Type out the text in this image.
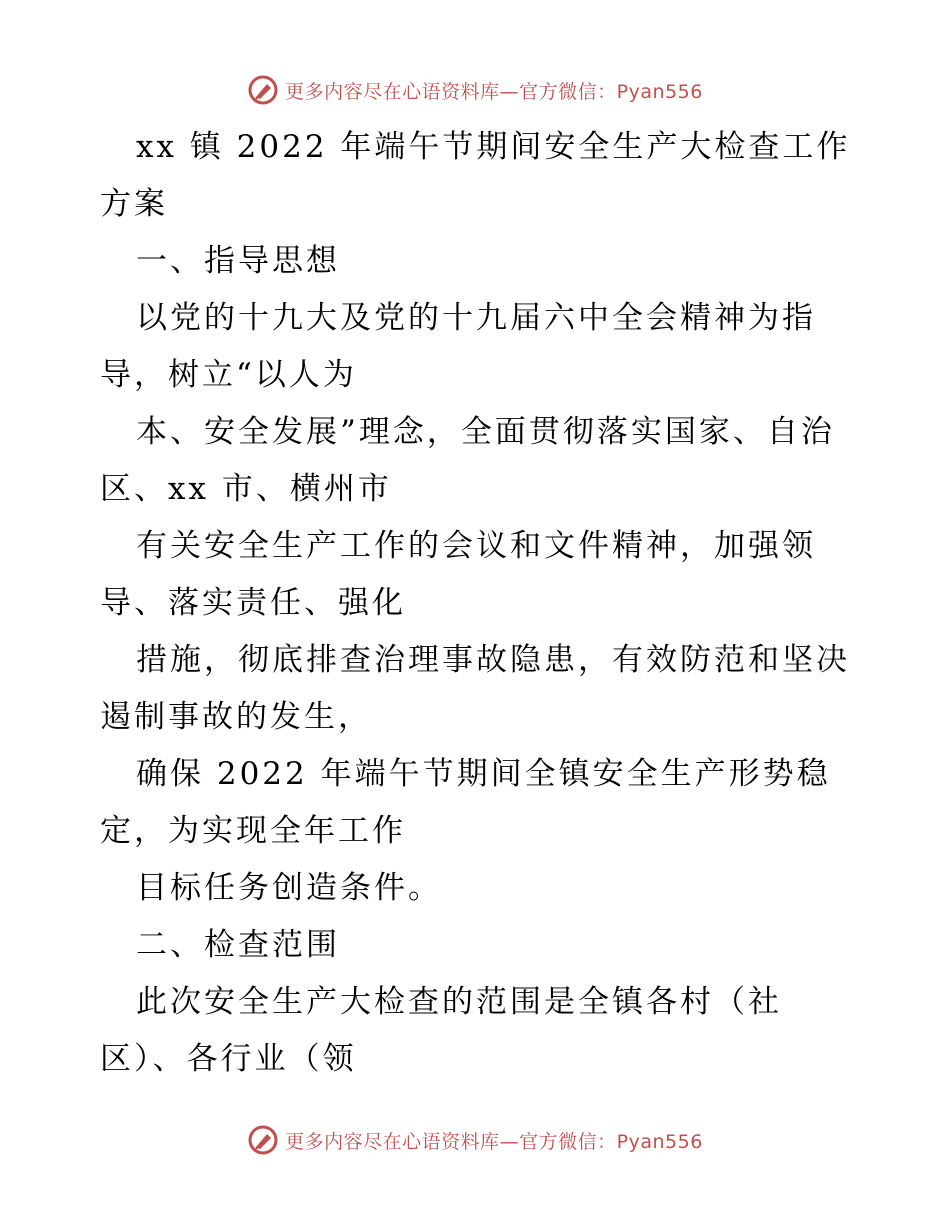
更多内容尽在心语资料库—官方微信：Pyan556
xx 镇 2022 年端午节期间安全生产大检查工作
方案
一、指导思想
以党的十九大及党的十九届六中全会精神为指
导，树立“以人为
本、安全发展”理念，全面贯彻落实国家、自治
区、xx 市、横州市
有关安全生产工作的会议和文件精神，加强领
导、落实责任、强化
措施，彻底排查治理事故隐患，有效防范和坚决
遏制事故的发生，
确保 2022 年端午节期间全镇安全生产形势稳
定，为实现全年工作
目标任务创造条件。
二、检查范围
此次安全生产大检查的范围是全镇各村（社
区）、各行业（领
更多内容尽在心语资料库—官方微信：Pyan556
